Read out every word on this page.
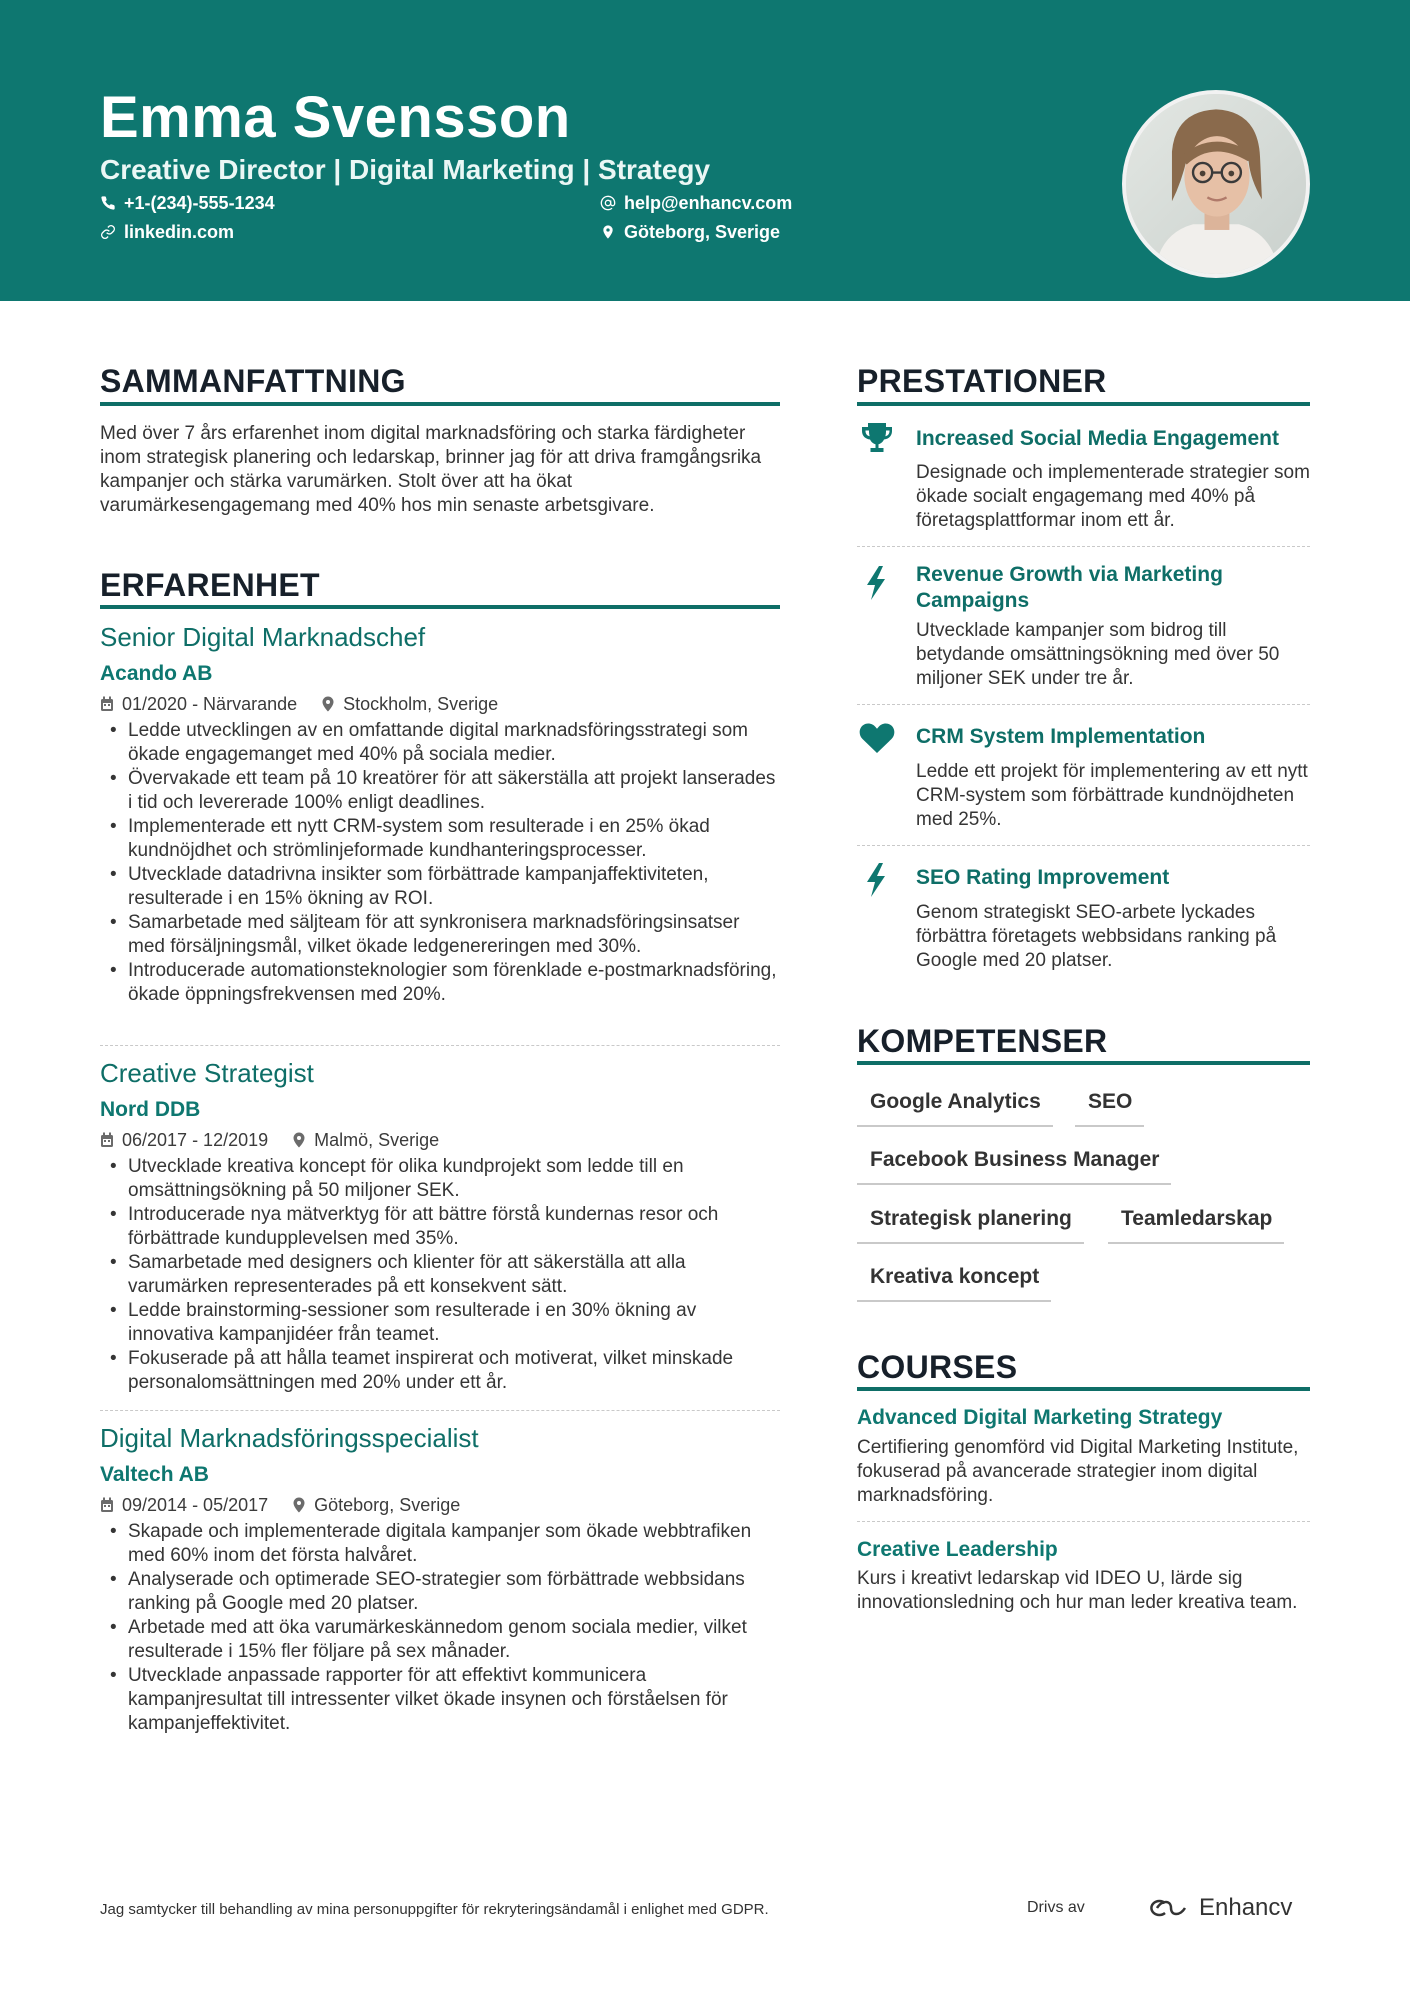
Emma Svensson
Creative Director | Digital Marketing | Strategy
+1-(234)-555-1234	help@enhancv.com
linkedin.com	Göteborg, Sverige
SAMMANFATTNING
Med över 7 års erfarenhet inom digital marknadsföring och starka färdigheter inom strategisk planering och ledarskap, brinner jag för att driva framgångsrika kampanjer och stärka varumärken. Stolt över att ha ökat varumärkesengagemang med 40% hos min senaste arbetsgivare.
ERFARENHET
Senior Digital Marknadschef
Acando AB
01/2020 - Närvarande	Stockholm, Sverige
• Ledde utvecklingen av en omfattande digital marknadsföringsstrategi som ökade engagemanget med 40% på sociala medier.
• Övervakade ett team på 10 kreatörer för att säkerställa att projekt lanserades i tid och levererade 100% enligt deadlines.
• Implementerade ett nytt CRM-system som resulterade i en 25% ökad kundnöjdhet och strömlinjeformade kundhanteringsprocesser.
• Utvecklade datadrivna insikter som förbättrade kampanjaffektiviteten, resulterade i en 15% ökning av ROI.
• Samarbetade med säljteam för att synkronisera marknadsföringsinsatser med försäljningsmål, vilket ökade ledgenereringen med 30%.
• Introducerade automationsteknologier som förenklade e-postmarknadsföring, ökade öppningsfrekvensen med 20%.
Creative Strategist
Nord DDB
06/2017 - 12/2019	Malmö, Sverige
• Utvecklade kreativa koncept för olika kundprojekt som ledde till en omsättningsökning på 50 miljoner SEK.
• Introducerade nya mätverktyg för att bättre förstå kundernas resor och förbättrade kundupplevelsen med 35%.
• Samarbetade med designers och klienter för att säkerställa att alla varumärken representerades på ett konsekvent sätt.
• Ledde brainstorming-sessioner som resulterade i en 30% ökning av innovativa kampanjidéer från teamet.
• Fokuserade på att hålla teamet inspirerat och motiverat, vilket minskade personalomsättningen med 20% under ett år.
Digital Marknadsföringsspecialist
Valtech AB
09/2014 - 05/2017	Göteborg, Sverige
• Skapade och implementerade digitala kampanjer som ökade webbtrafiken med 60% inom det första halvåret.
• Analyserade och optimerade SEO-strategier som förbättrade webbsidans ranking på Google med 20 platser.
• Arbetade med att öka varumärkeskännedom genom sociala medier, vilket resulterade i 15% fler följare på sex månader.
• Utvecklade anpassade rapporter för att effektivt kommunicera kampanjresultat till intressenter vilket ökade insynen och förståelsen för kampanjeffektivitet.
PRESTATIONER
Increased Social Media Engagement
Designade och implementerade strategier som ökade socialt engagemang med 40% på företagsplattformar inom ett år.
Revenue Growth via Marketing Campaigns
Utvecklade kampanjer som bidrog till betydande omsättningsökning med över 50 miljoner SEK under tre år.
CRM System Implementation
Ledde ett projekt för implementering av ett nytt CRM-system som förbättrade kundnöjdheten med 25%.
SEO Rating Improvement
Genom strategiskt SEO-arbete lyckades förbättra företagets webbsidans ranking på Google med 20 platser.
KOMPETENSER
Google Analytics	SEO
Facebook Business Manager
Strategisk planering	Teamledarskap
Kreativa koncept
COURSES
Advanced Digital Marketing Strategy
Certifiering genomförd vid Digital Marketing Institute, fokuserad på avancerade strategier inom digital marknadsföring.
Creative Leadership
Kurs i kreativt ledarskap vid IDEO U, lärde sig innovationsledning och hur man leder kreativa team.
Jag samtycker till behandling av mina personuppgifter för rekryteringsändamål i enlighet med GDPR.	Drivs av	Enhancv
